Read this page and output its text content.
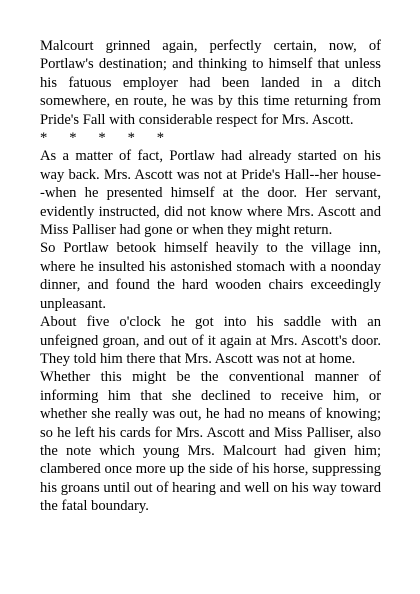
Malcourt grinned again, perfectly certain, now, of Portlaw's destination; and thinking to himself that unless his fatuous employer had been landed in a ditch somewhere, en route, he was by this time returning from Pride's Fall with considerable respect for Mrs. Ascott.

*      *      *      *      *

As a matter of fact, Portlaw had already started on his way back. Mrs. Ascott was not at Pride's Hall--her house--when he presented himself at the door. Her servant, evidently instructed, did not know where Mrs. Ascott and Miss Palliser had gone or when they might return.

So Portlaw betook himself heavily to the village inn, where he insulted his astonished stomach with a noonday dinner, and found the hard wooden chairs exceedingly unpleasant.

About five o'clock he got into his saddle with an unfeigned groan, and out of it again at Mrs. Ascott's door. They told him there that Mrs. Ascott was not at home.

Whether this might be the conventional manner of informing him that she declined to receive him, or whether she really was out, he had no means of knowing; so he left his cards for Mrs. Ascott and Miss Palliser, also the note which young Mrs. Malcourt had given him; clambered once more up the side of his horse, suppressing his groans until out of hearing and well on his way toward the fatal boundary.
